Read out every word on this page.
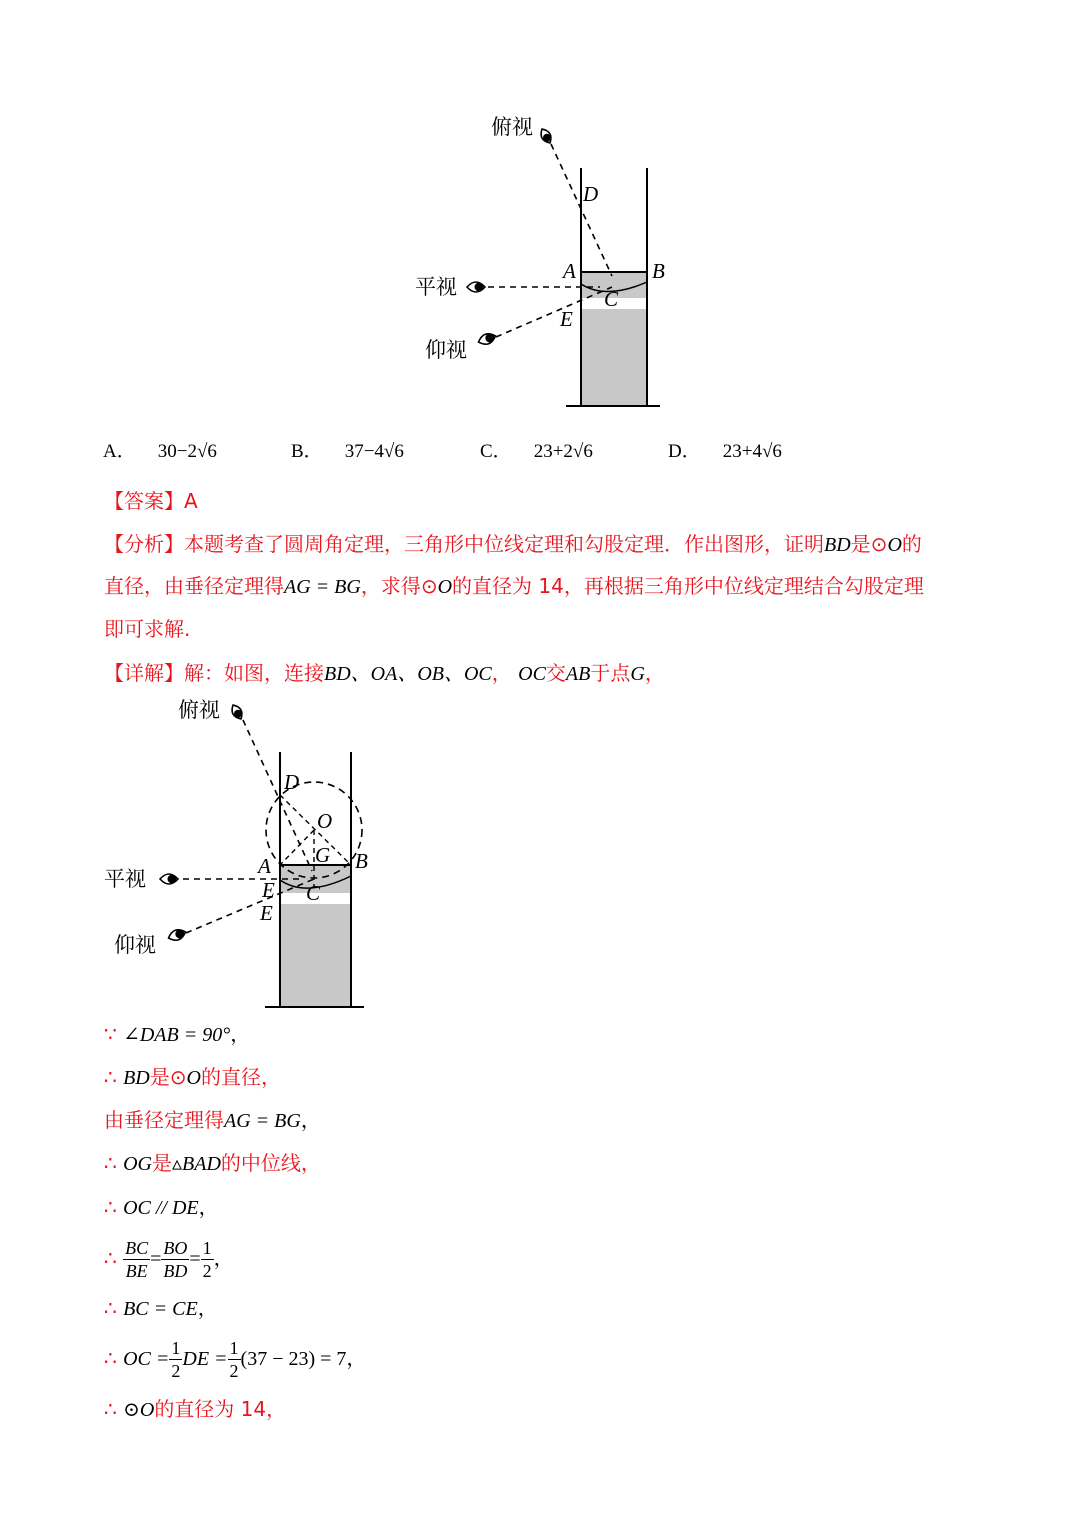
俯视
平视
仰视
D
A	B
C
E
A． 30−2√6	B． 37−4√6	C． 23+2√6	D． 23+4√6
【答案】A
【分析】本题考查了圆周角定理，三角形中位线定理和勾股定理．作出图形，证明BD是⊙O的
直径，由垂径定理得AG = BG，求得⊙O的直径为 14，再根据三角形中位线定理结合勾股定理
即可求解.
【详解】解：如图，连接BD、OA、OB、OC， OC交AB于点G，
俯视
平视
仰视
D
O
G
A	B
C
E
E
∵ ∠DAB = 90°，
∴ BD是⊙O的直径，
由垂径定理得AG = BG，
∴ OG是▵BAD的中位线，
∴ OC // DE，
∴ $\frac{BC}{BE} = \frac{BO}{BD} = \frac{1}{2}$ ，
∴ BC = CE，
∴ OC = $\frac{1}{2}$ DE = $\frac{1}{2} (37 - 23) = 7$，
∴ ⊙O的直径为 14，
